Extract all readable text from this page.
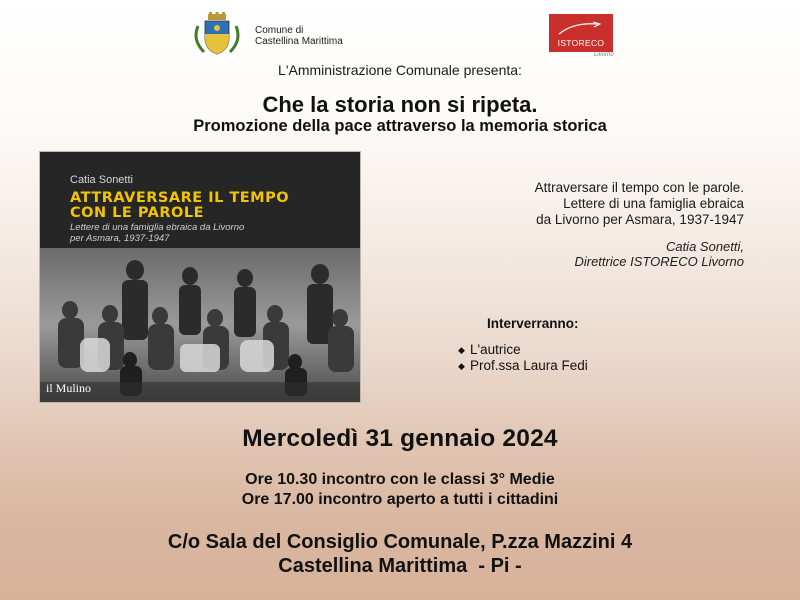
Comune di
Castellina Marittima	ISTORECO
Livorno
L'Amministrazione Comunale presenta:
Che la storia non si ripeta.
Promozione della pace attraverso la memoria storica
Catia Sonetti
ATTRAVERSARE IL TEMPO
CON LE PAROLE
Lettere di una famiglia ebraica da Livorno
per Asmara, 1937-1947
il Mulino
Attraversare il tempo con le parole.
Lettere di una famiglia ebraica
da Livorno per Asmara, 1937-1947
Catia Sonetti,
Direttrice ISTORECO Livorno
Interverranno:
◆ L'autrice
◆ Prof.ssa Laura Fedi
Mercoledì 31 gennaio 2024
Ore 10.30 incontro con le classi 3° Medie
Ore 17.00 incontro aperto a tutti i cittadini
C/o Sala del Consiglio Comunale, P.zza Mazzini 4
Castellina Marittima  - Pi -
